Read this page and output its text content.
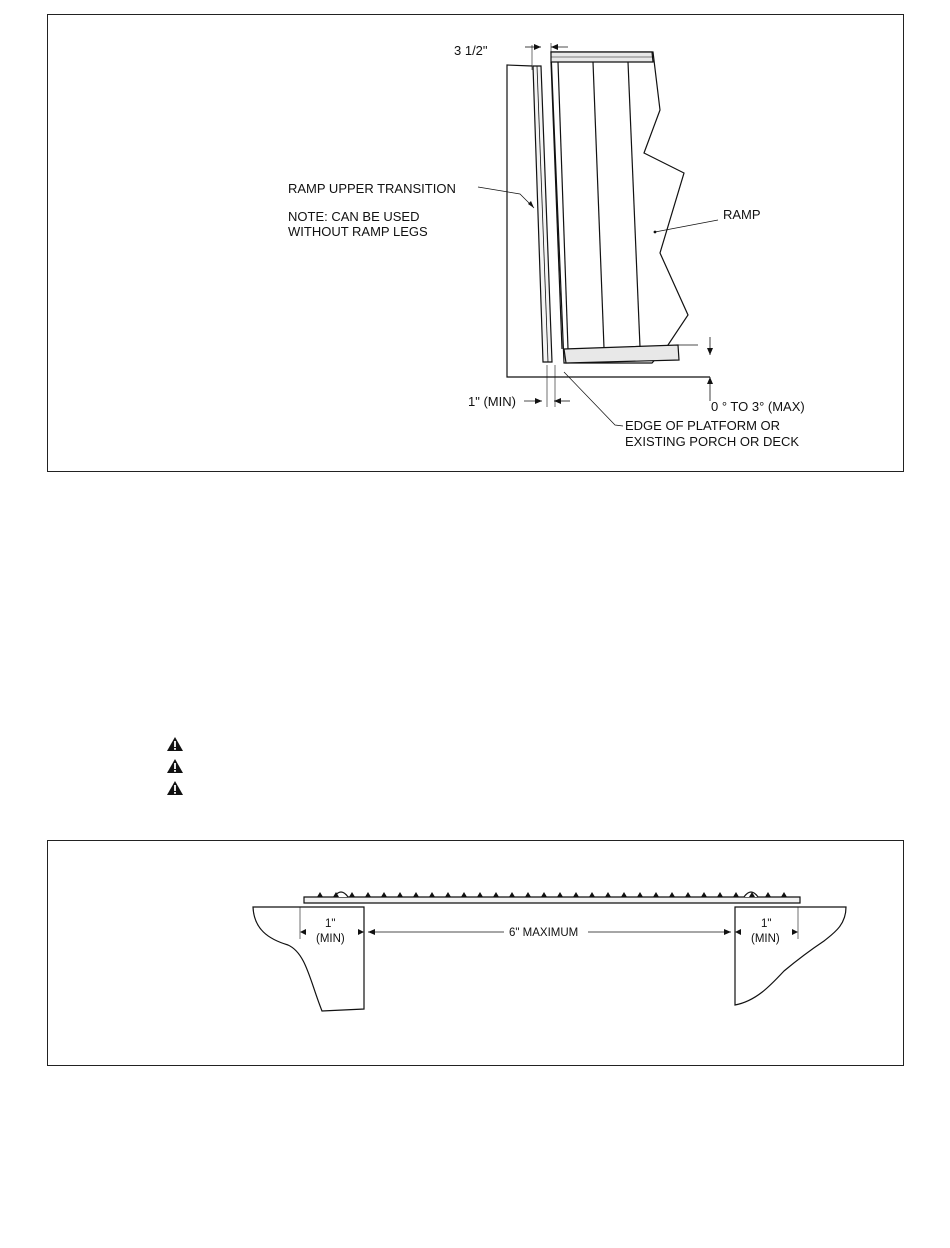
3 1/2"
RAMP UPPER TRANSITION
NOTE: CAN BE USED
WITHOUT RAMP LEGS
RAMP
1" (MIN)	0 ° TO 3° (MAX)
EDGE OF PLATFORM OR
EXISTING PORCH OR DECK
1"
(MIN)	6" MAXIMUM
1"
(MIN)
